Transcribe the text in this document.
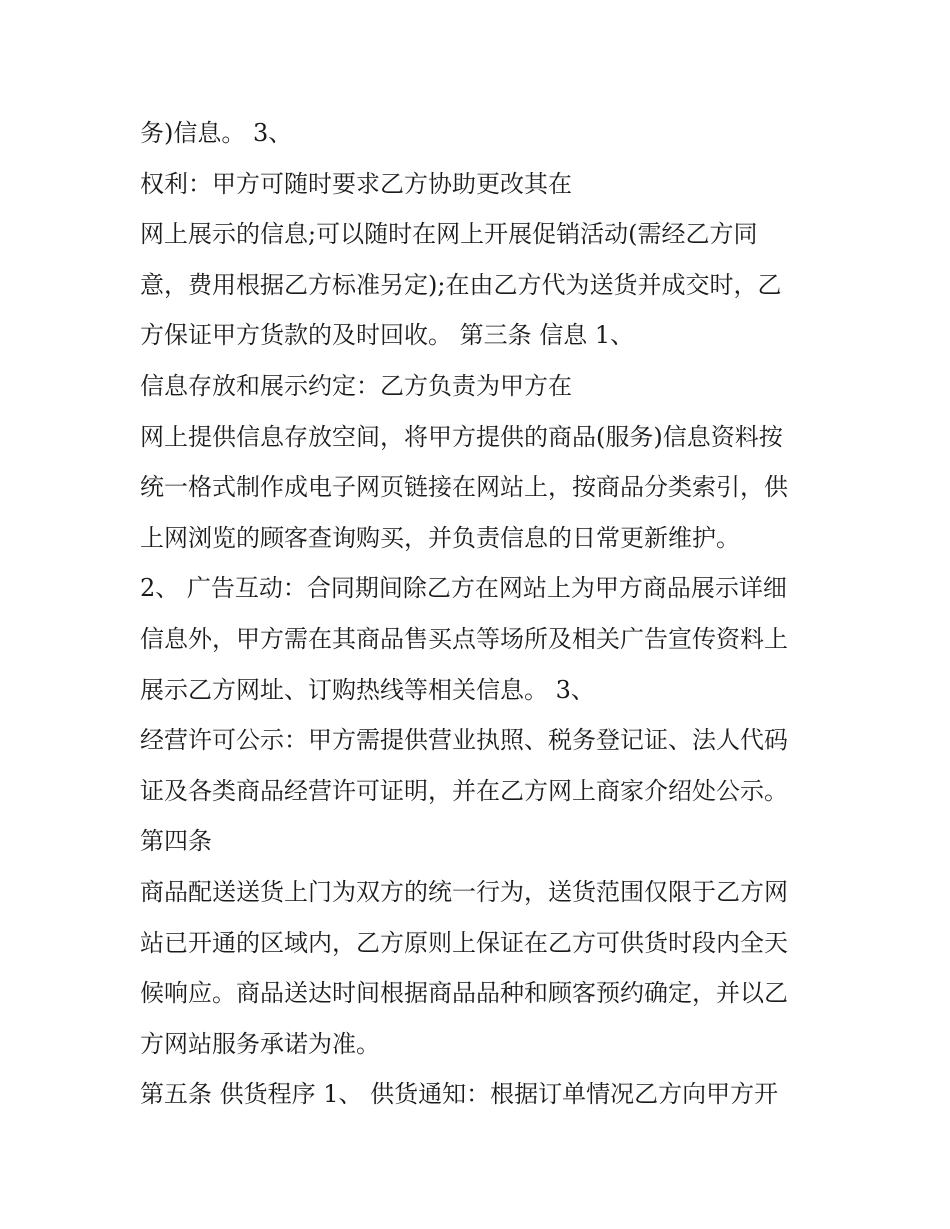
务)信息。 3、
权利：甲方可随时要求乙方协助更改其在
网上展示的信息;可以随时在网上开展促销活动(需经乙方同
意，费用根据乙方标准另定);在由乙方代为送货并成交时，乙
方保证甲方货款的及时回收。 第三条 信息 1、
信息存放和展示约定：乙方负责为甲方在
网上提供信息存放空间，将甲方提供的商品(服务)信息资料按
统一格式制作成电子网页链接在网站上，按商品分类索引，供
上网浏览的顾客查询购买，并负责信息的日常更新维护。
2、 广告互动：合同期间除乙方在网站上为甲方商品展示详细
信息外，甲方需在其商品售买点等场所及相关广告宣传资料上
展示乙方网址、订购热线等相关信息。 3、
经营许可公示：甲方需提供营业执照、税务登记证、法人代码
证及各类商品经营许可证明，并在乙方网上商家介绍处公示。
第四条
商品配送送货上门为双方的统一行为，送货范围仅限于乙方网
站已开通的区域内，乙方原则上保证在乙方可供货时段内全天
候响应。商品送达时间根据商品品种和顾客预约确定，并以乙
方网站服务承诺为准。
第五条 供货程序 1、 供货通知：根据订单情况乙方向甲方开
